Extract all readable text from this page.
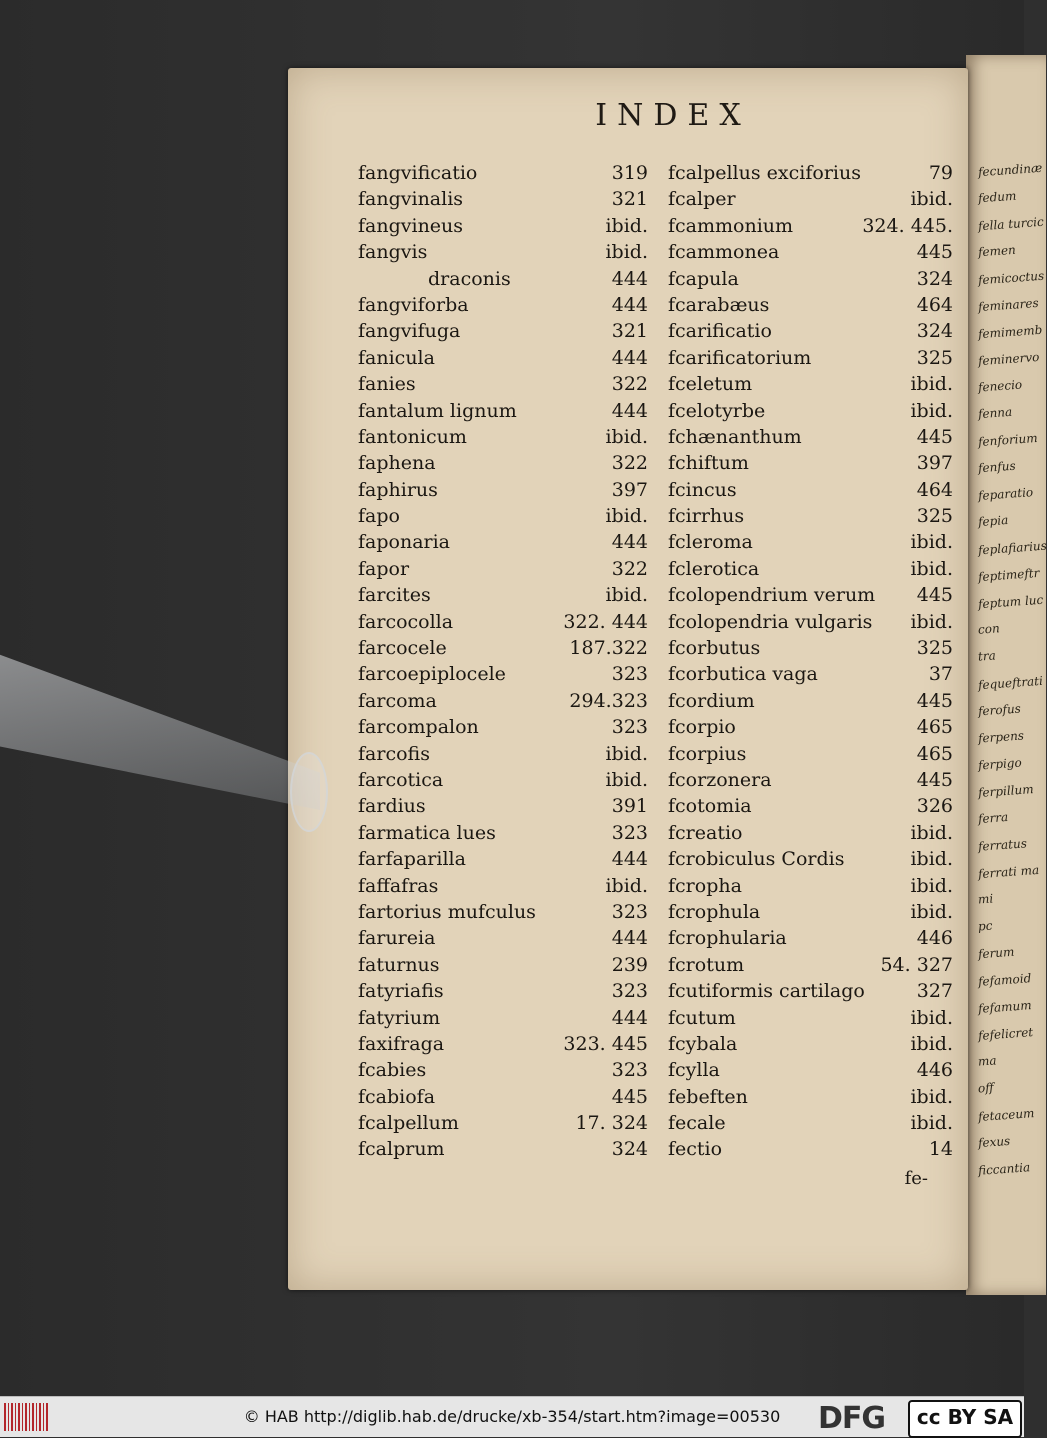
fecundinæ
fedum
fella turcic
femen
femicoctus
feminares
femimemb
feminervo
fenecio
fenna
fenforium
fenfus
feparatio
fepia
feplafiarius
feptimeftr
feptum luc
con
tra
fequeftrati
ferofus
ferpens
ferpigo
ferpillum
ferra
ferratus
ferrati ma
mi
pc
ferum
fefamoid
fefamum
fefelicret
ma
off
fetaceum
fexus
ficcantia
INDEX
fangvificatio	319
fangvinalis	321
fangvineus	ibid.
fangvis	ibid.
draconis	444
fangviforba	444
fangvifuga	321
fanicula	444
fanies	322
fantalum lignum	444
fantonicum	ibid.
faphena	322
faphirus	397
fapo	ibid.
faponaria	444
fapor	322
farcites	ibid.
farcocolla	322. 444
farcocele	187.322
farcoepiplocele	323
farcoma	294.323
farcompalon	323
farcofis	ibid.
farcotica	ibid.
fardius	391
farmatica lues	323
farfaparilla	444
faffafras	ibid.
fartorius mufculus	323
farureia	444
faturnus	239
fatyriafis	323
fatyrium	444
faxifraga	323. 445
fcabies	323
fcabiofa	445
fcalpellum	17. 324
fcalprum	324
fcalpellus exciforius	79
fcalper	ibid.
fcammonium	324. 445.
fcammonea	445
fcapula	324
fcarabæus	464
fcarificatio	324
fcarificatorium	325
fceletum	ibid.
fcelotyrbe	ibid.
fchænanthum	445
fchiftum	397
fcincus	464
fcirrhus	325
fcleroma	ibid.
fclerotica	ibid.
fcolopendrium verum 445
fcolopendria vulgaris ibid.
fcorbutus	325
fcorbutica vaga	37
fcordium	445
fcorpio	465
fcorpius	465
fcorzonera	445
fcotomia	326
fcreatio	ibid.
fcrobiculus Cordis	ibid.
fcropha	ibid.
fcrophula	ibid.
fcrophularia	446
fcrotum	54. 327
fcutiformis cartilago	327
fcutum	ibid.
fcybala	ibid.
fcylla	446
febeften	ibid.
fecale	ibid.
fectio	14
fe-
© HAB http://diglib.hab.de/drucke/xb-354/start.htm?image=00530	DFG	cc BY SA
